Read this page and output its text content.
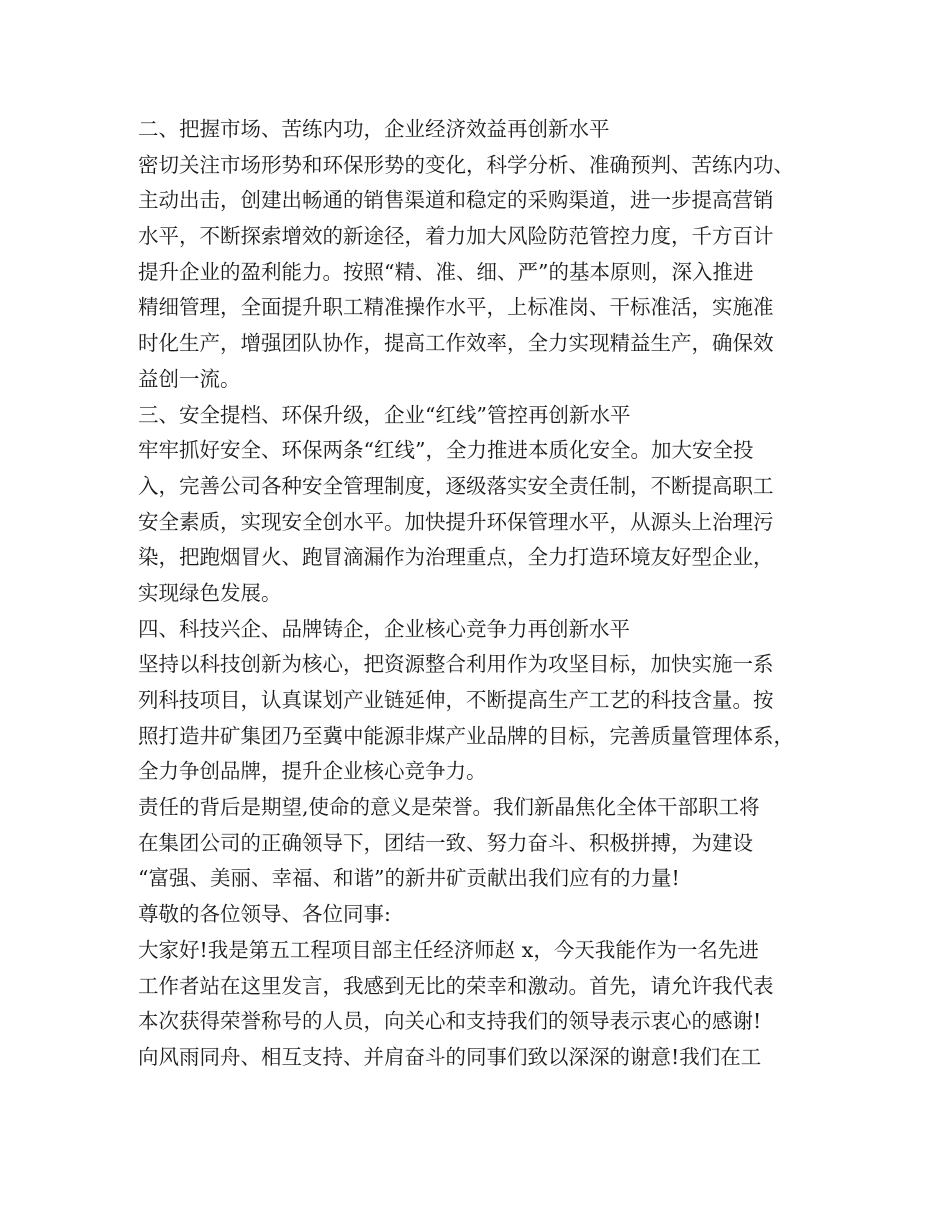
二、把握市场、苦练内功，企业经济效益再创新水平

密切关注市场形势和环保形势的变化，科学分析、准确预判、苦练内功、

主动出击，创建出畅通的销售渠道和稳定的采购渠道，进一步提高营销

水平，不断探索增效的新途径，着力加大风险防范管控力度，千方百计

提升企业的盈利能力。按照“精、准、细、严”的基本原则，深入推进

精细管理，全面提升职工精准操作水平，上标准岗、干标准活，实施准

时化生产，增强团队协作，提高工作效率，全力实现精益生产，确保效

益创一流。

三、安全提档、环保升级，企业“红线”管控再创新水平

牢牢抓好安全、环保两条“红线”，全力推进本质化安全。加大安全投

入，完善公司各种安全管理制度，逐级落实安全责任制，不断提高职工

安全素质，实现安全创水平。加快提升环保管理水平，从源头上治理污

染，把跑烟冒火、跑冒滴漏作为治理重点，全力打造环境友好型企业，

实现绿色发展。

四、科技兴企、品牌铸企，企业核心竞争力再创新水平

坚持以科技创新为核心，把资源整合利用作为攻坚目标，加快实施一系

列科技项目，认真谋划产业链延伸，不断提高生产工艺的科技含量。按

照打造井矿集团乃至冀中能源非煤产业品牌的目标，完善质量管理体系，

全力争创品牌，提升企业核心竞争力。

责任的背后是期望,使命的意义是荣誉。我们新晶焦化全体干部职工将

在集团公司的正确领导下，团结一致、努力奋斗、积极拼搏，为建设

“富强、美丽、幸福、和谐”的新井矿贡献出我们应有的力量!

尊敬的各位领导、各位同事:

大家好!我是第五工程项目部主任经济师赵 x，今天我能作为一名先进

工作者站在这里发言，我感到无比的荣幸和激动。首先，请允许我代表

本次获得荣誉称号的人员，向关心和支持我们的领导表示衷心的感谢!

向风雨同舟、相互支持、并肩奋斗的同事们致以深深的谢意!我们在工
